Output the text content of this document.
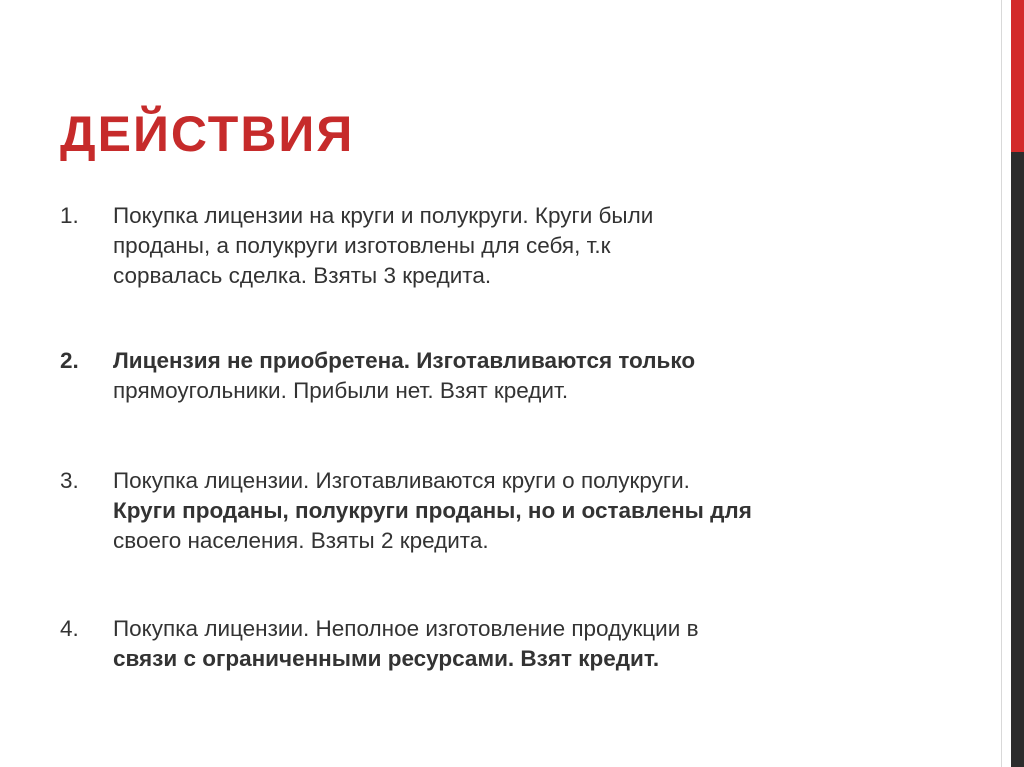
ДЕЙСТВИЯ
1. Покупка лицензии на круги и полукруги. Круги были
проданы, а полукруги изготовлены для себя, т.к
сорвалась сделка. Взяты 3 кредита.
2. Лицензия не приобретена. Изготавливаются только
прямоугольники. Прибыли нет. Взят кредит.
3. Покупка лицензии. Изготавливаются круги о полукруги.
Круги проданы, полукруги проданы, но и оставлены для
своего населения. Взяты 2 кредита.
4. Покупка лицензии. Неполное изготовление продукции в
связи с ограниченными ресурсами. Взят кредит.
